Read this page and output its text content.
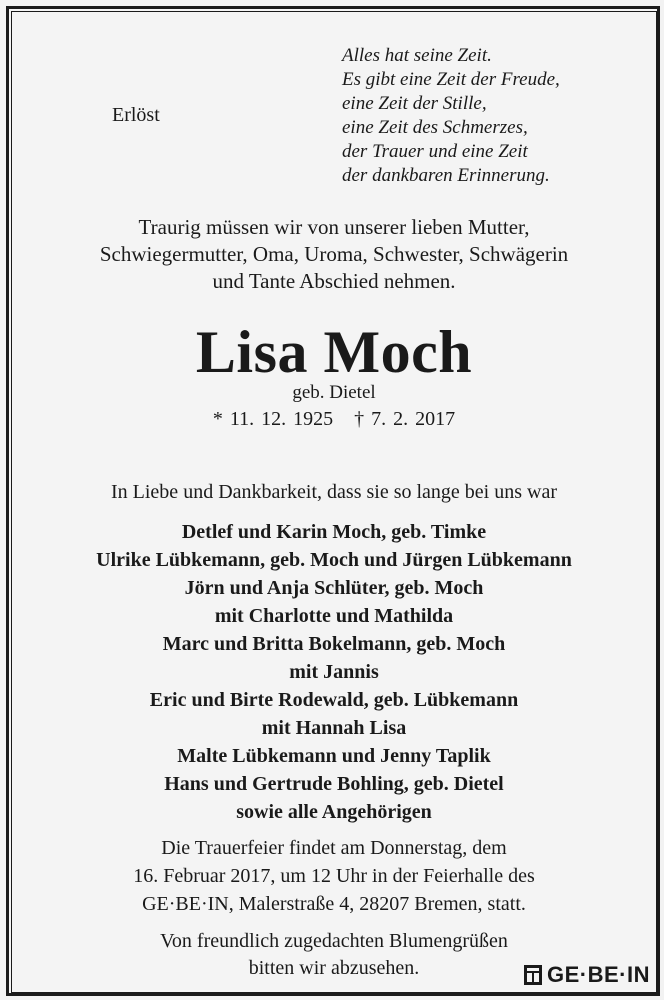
Erlöst
Alles hat seine Zeit.
Es gibt eine Zeit der Freude,
eine Zeit der Stille,
eine Zeit des Schmerzes,
der Trauer und eine Zeit
der dankbaren Erinnerung.
Traurig müssen wir von unserer lieben Mutter,
Schwiegermutter, Oma, Uroma, Schwester, Schwägerin
und Tante Abschied nehmen.
Lisa Moch
geb. Dietel
* 11. 12. 1925   † 7. 2. 2017
In Liebe und Dankbarkeit, dass sie so lange bei uns war
Detlef und Karin Moch, geb. Timke
Ulrike Lübkemann, geb. Moch und Jürgen Lübkemann
Jörn und Anja Schlüter, geb. Moch
mit Charlotte und Mathilda
Marc und Britta Bokelmann, geb. Moch
mit Jannis
Eric und Birte Rodewald, geb. Lübkemann
mit Hannah Lisa
Malte Lübkemann und Jenny Taplik
Hans und Gertrude Bohling, geb. Dietel
sowie alle Angehörigen
Die Trauerfeier findet am Donnerstag, dem
16. Februar 2017, um 12 Uhr in der Feierhalle des
GE·BE·IN, Malerstraße 4, 28207 Bremen, statt.
Von freundlich zugedachten Blumengrüßen
bitten wir abzusehen.	GE·BE·IN
